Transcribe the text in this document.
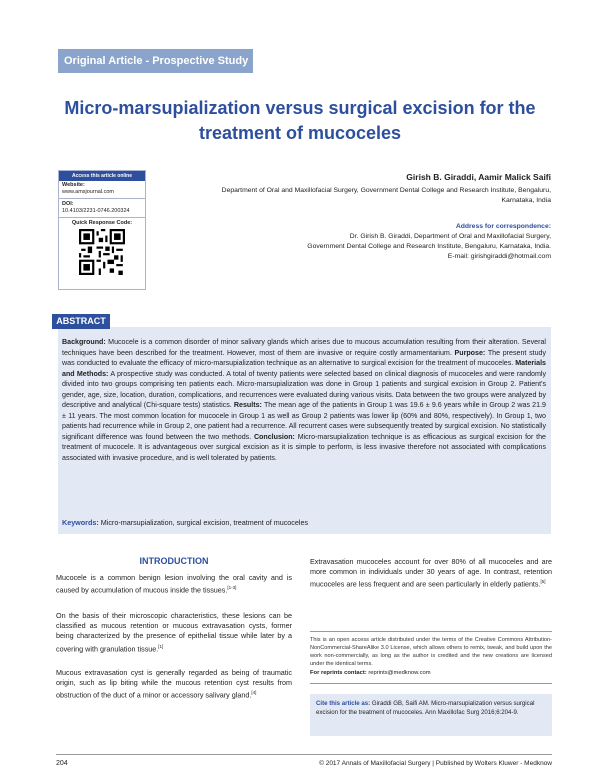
Original Article - Prospective Study
Micro-marsupialization versus surgical excision for the treatment of mucoceles
Access this article online
Website:
www.amsjournal.com
DOI:
10.4103/2231-0746.200324
Quick Response Code:
Girish B. Giraddi, Aamir Malick Saifi
Department of Oral and Maxillofacial Surgery, Government Dental College and Research Institute, Bengaluru, Karnataka, India
Address for correspondence:
Dr. Girish B. Giraddi, Department of Oral and Maxillofacial Surgery,
Government Dental College and Research Institute, Bengaluru, Karnataka, India.
E-mail: girishgiraddi@hotmail.com
ABSTRACT
Background: Mucocele is a common disorder of minor salivary glands which arises due to mucous accumulation resulting from their alteration. Several techniques have been described for the treatment. However, most of them are invasive or require costly armamentarium. Purpose: The present study was conducted to evaluate the efficacy of micro-marsupialization technique as an alternative to surgical excision for the treatment of mucoceles. Materials and Methods: A prospective study was conducted. A total of twenty patients were selected based on clinical diagnosis of mucoceles and were randomly divided into two groups comprising ten patients each. Micro-marsupialization was done in Group 1 patients and surgical excision in Group 2. Patient's gender, age, size, location, duration, complications, and recurrences were evaluated during various visits. Data between the two groups were analyzed by descriptive and analytical (Chi-square tests) statistics. Results: The mean age of the patients in Group 1 was 19.6 ± 9.6 years while in Group 2 was 21.9 ± 11 years. The most common location for mucocele in Group 1 as well as Group 2 patients was lower lip (60% and 80%, respectively). In Group 1, two patients had recurrence while in Group 2, one patient had a recurrence. All recurrent cases were subsequently treated by surgical excision. No statistically significant difference was found between the two methods. Conclusion: Micro-marsupialization technique is as efficacious as surgical excision for the treatment of mucocele. It is advantageous over surgical excision as it is simple to perform, is less invasive therefore not associated with complications associated with invasive procedure, and is well tolerated by patients.
Keywords: Micro-marsupialization, surgical excision, treatment of mucoceles
INTRODUCTION
Mucocele is a common benign lesion involving the oral cavity and is caused by accumulation of mucous inside the tissues.[1-3]
On the basis of their microscopic characteristics, these lesions can be classified as mucous retention or mucous extravasation cysts, former being characterized by the presence of epithelial tissue while later by a covering with granulation tissue.[1]
Mucous extravasation cyst is generally regarded as being of traumatic origin, such as lip biting while the mucous retention cyst results from obstruction of the duct of a minor or accessory salivary gland.[4]
Extravasation mucoceles account for over 80% of all mucoceles and are more common in individuals under 30 years of age. In contrast, retention mucoceles are less frequent and are seen particularly in elderly patients.[5]
This is an open access article distributed under the terms of the Creative Commons Attribution-NonCommercial-ShareAlike 3.0 License, which allows others to remix, tweak, and build upon the work non-commercially, as long as the author is credited and the new creations are licensed under the identical terms.
For reprints contact: reprints@medknow.com
Cite this article as: Giraddi GB, Saifi AM. Micro-marsupialization versus surgical excision for the treatment of mucoceles. Ann Maxillofac Surg 2016;6:204-9.
204	© 2017 Annals of Maxillofacial Surgery | Published by Wolters Kluwer - Medknow
